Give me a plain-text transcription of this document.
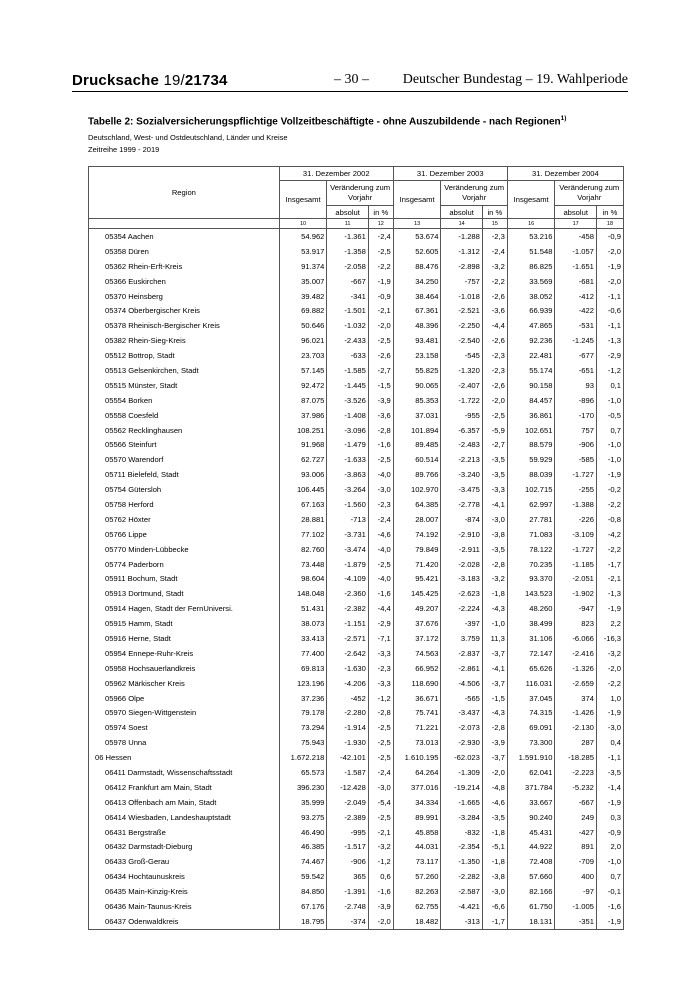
Drucksache 19/21734	– 30 – Deutscher Bundestag – 19. Wahlperiode
Tabelle 2: Sozialversicherungspflichtige Vollzeitbeschäftigte - ohne Auszubildende - nach Regionen$^{1)}$
Deutschland, West- und Ostdeutschland, Länder und Kreise
Zeitreihe 1999 - 2019
Region	31. Dezember 2002			31. Dezember 2003			31. Dezember 2004		
	Insgesamt	Veränderung zum Vorjahr		Insgesamt	Veränderung zum Vorjahr		Insgesamt	Veränderung zum Vorjahr	
		absolut	in %		absolut	in %		absolut	in %
	10	11	12	13	14	15	16	17	18
05354 Aachen	54.962	-1.361	-2,4	53.674	-1.288	-2,3	53.216	-458	-0,9
05358 Düren	53.917	-1.358	-2,5	52.605	-1.312	-2,4	51.548	-1.057	-2,0
05362 Rhein-Erft-Kreis	91.374	-2.058	-2,2	88.476	-2.898	-3,2	86.825	-1.651	-1,9
05366 Euskirchen	35.007	-667	-1,9	34.250	-757	-2,2	33.569	-681	-2,0
05370 Heinsberg	39.482	-341	-0,9	38.464	-1.018	-2,6	38.052	-412	-1,1
05374 Oberbergischer Kreis	69.882	-1.501	-2,1	67.361	-2.521	-3,6	66.939	-422	-0,6
05378 Rheinisch-Bergischer Kreis	50.646	-1.032	-2,0	48.396	-2.250	-4,4	47.865	-531	-1,1
05382 Rhein-Sieg-Kreis	96.021	-2.433	-2,5	93.481	-2.540	-2,6	92.236	-1.245	-1,3
05512 Bottrop, Stadt	23.703	-633	-2,6	23.158	-545	-2,3	22.481	-677	-2,9
05513 Gelsenkirchen, Stadt	57.145	-1.585	-2,7	55.825	-1.320	-2,3	55.174	-651	-1,2
05515 Münster, Stadt	92.472	-1.445	-1,5	90.065	-2.407	-2,6	90.158	93	0,1
05554 Borken	87.075	-3.526	-3,9	85.353	-1.722	-2,0	84.457	-896	-1,0
05558 Coesfeld	37.986	-1.408	-3,6	37.031	-955	-2,5	36.861	-170	-0,5
05562 Recklinghausen	108.251	-3.096	-2,8	101.894	-6.357	-5,9	102.651	757	0,7
05566 Steinfurt	91.968	-1.479	-1,6	89.485	-2.483	-2,7	88.579	-906	-1,0
05570 Warendorf	62.727	-1.633	-2,5	60.514	-2.213	-3,5	59.929	-585	-1,0
05711 Bielefeld, Stadt	93.006	-3.863	-4,0	89.766	-3.240	-3,5	88.039	-1.727	-1,9
05754 Gütersloh	106.445	-3.264	-3,0	102.970	-3.475	-3,3	102.715	-255	-0,2
05758 Herford	67.163	-1.560	-2,3	64.385	-2.778	-4,1	62.997	-1.388	-2,2
05762 Höxter	28.881	-713	-2,4	28.007	-874	-3,0	27.781	-226	-0,8
05766 Lippe	77.102	-3.731	-4,6	74.192	-2.910	-3,8	71.083	-3.109	-4,2
05770 Minden-Lübbecke	82.760	-3.474	-4,0	79.849	-2.911	-3,5	78.122	-1.727	-2,2
05774 Paderborn	73.448	-1.879	-2,5	71.420	-2.028	-2,8	70.235	-1.185	-1,7
05911 Bochum, Stadt	98.604	-4.109	-4,0	95.421	-3.183	-3,2	93.370	-2.051	-2,1
05913 Dortmund, Stadt	148.048	-2.360	-1,6	145.425	-2.623	-1,8	143.523	-1.902	-1,3
05914 Hagen, Stadt der FernUniversi.	51.431	-2.382	-4,4	49.207	-2.224	-4,3	48.260	-947	-1,9
05915 Hamm, Stadt	38.073	-1.151	-2,9	37.676	-397	-1,0	38.499	823	2,2
05916 Herne, Stadt	33.413	-2.571	-7,1	37.172	3.759	11,3	31.106	-6.066	-16,3
05954 Ennepe-Ruhr-Kreis	77.400	-2.642	-3,3	74.563	-2.837	-3,7	72.147	-2.416	-3,2
05958 Hochsauerlandkreis	69.813	-1.630	-2,3	66.952	-2.861	-4,1	65.626	-1.326	-2,0
05962 Märkischer Kreis	123.196	-4.206	-3,3	118.690	-4.506	-3,7	116.031	-2.659	-2,2
05966 Olpe	37.236	-452	-1,2	36.671	-565	-1,5	37.045	374	1,0
05970 Siegen-Wittgenstein	79.178	-2.280	-2,8	75.741	-3.437	-4,3	74.315	-1.426	-1,9
05974 Soest	73.294	-1.914	-2,5	71.221	-2.073	-2,8	69.091	-2.130	-3,0
05978 Unna	75.943	-1.930	-2,5	73.013	-2.930	-3,9	73.300	287	0,4
06 Hessen	1.672.218	-42.101	-2,5	1.610.195	-62.023	-3,7	1.591.910	-18.285	-1,1
06411 Darmstadt, Wissenschaftsstadt	65.573	-1.587	-2,4	64.264	-1.309	-2,0	62.041	-2.223	-3,5
06412 Frankfurt am Main, Stadt	396.230	-12.428	-3,0	377.016	-19.214	-4,8	371.784	-5.232	-1,4
06413 Offenbach am Main, Stadt	35.999	-2.049	-5,4	34.334	-1.665	-4,6	33.667	-667	-1,9
06414 Wiesbaden, Landeshauptstadt	93.275	-2.389	-2,5	89.991	-3.284	-3,5	90.240	249	0,3
06431 Bergstraße	46.490	-995	-2,1	45.858	-832	-1,8	45.431	-427	-0,9
06432 Darmstadt-Dieburg	46.385	-1.517	-3,2	44.031	-2.354	-5,1	44.922	891	2,0
06433 Groß-Gerau	74.467	-906	-1,2	73.117	-1.350	-1,8	72.408	-709	-1,0
06434 Hochtaunuskreis	59.542	365	0,6	57.260	-2.282	-3,8	57.660	400	0,7
06435 Main-Kinzig-Kreis	84.850	-1.391	-1,6	82.263	-2.587	-3,0	82.166	-97	-0,1
06436 Main-Taunus-Kreis	67.176	-2.748	-3,9	62.755	-4.421	-6,6	61.750	-1.005	-1,6
06437 Odenwaldkreis	18.795	-374	-2,0	18.482	-313	-1,7	18.131	-351	-1,9
